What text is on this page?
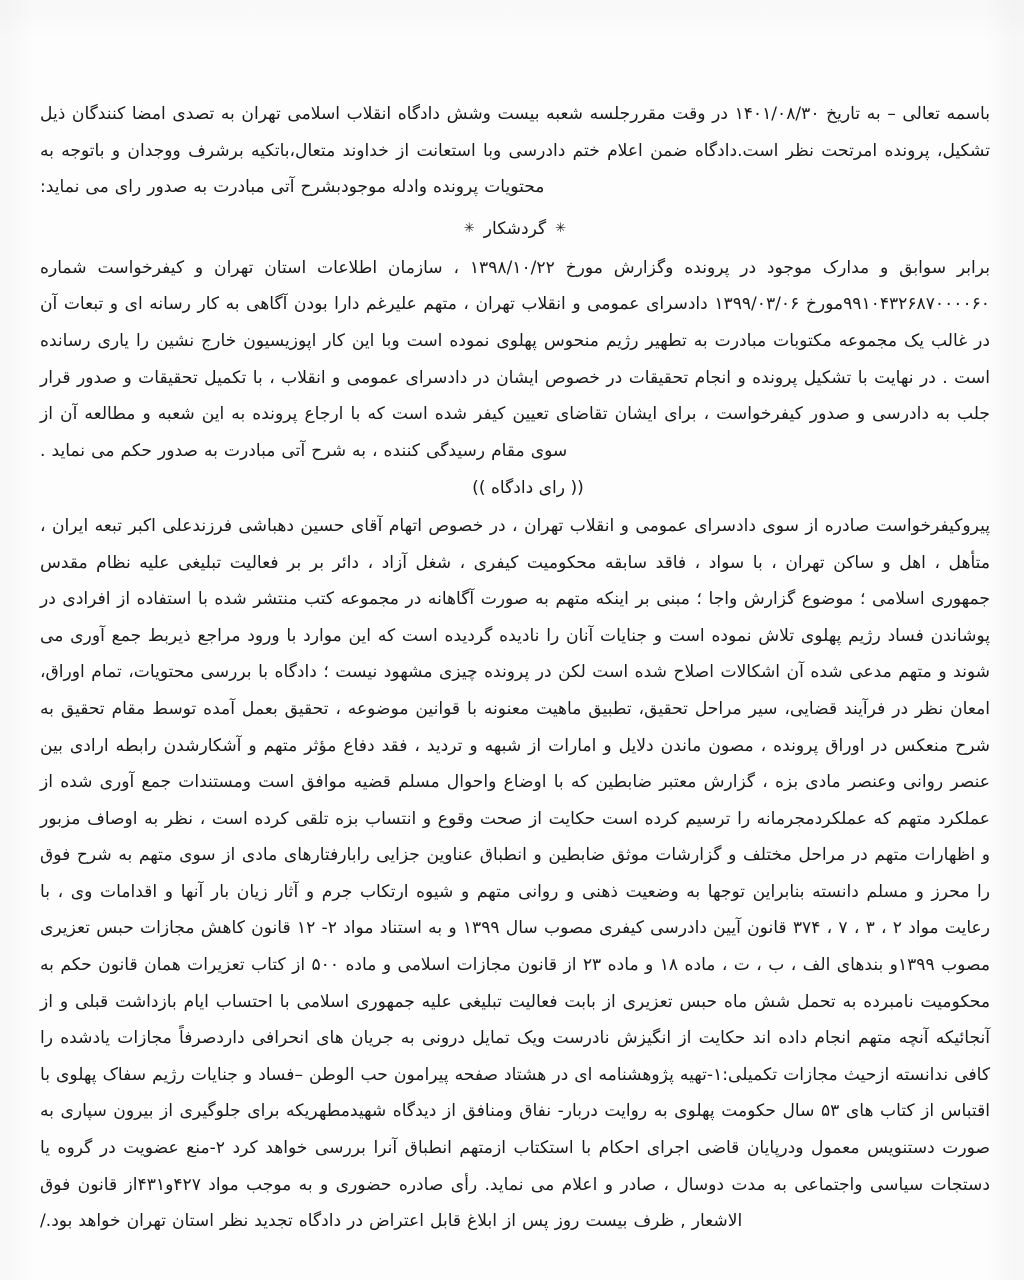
باسمه تعالی – به تاریخ ۱۴۰۱/۰۸/۳۰ در وقت مقررجلسه شعبه بیست وشش دادگاه انقلاب اسلامی تهران به تصدی امضا کنندگان ذیل تشکیل، پرونده امرتحت نظر است.دادگاه ضمن اعلام ختم دادرسی وبا استعانت از خداوند متعال،باتکیه برشرف ووجدان و باتوجه به محتویات پرونده وادله موجودبشرح آتی مبادرت به صدور رای می نماید:

✳گردشکار✳

برابر سوابق و مدارک موجود در پرونده وگزارش مورخ ۱۳۹۸/۱۰/۲۲ ، سازمان اطلاعات استان تهران و کیفرخواست شماره ۹۹۱۰۴۳۲۶۸۷۰۰۰۰۶۰مورخ ۱۳۹۹/۰۳/۰۶ دادسرای عمومی و انقلاب تهران ، متهم علیرغم دارا بودن آگاهی به کار رسانه ای و تبعات آن در غالب یک مجموعه مکتوبات مبادرت به تطهیر رژیم منحوس پهلوی نموده است وبا این کار اپوزیسیون خارج نشین را یاری رسانده است . در نهایت با تشکیل پرونده و انجام تحقیقات در خصوص ایشان در دادسرای عمومی و انقلاب ، با تکمیل تحقیقات و صدور قرار جلب به دادرسی و صدور کیفرخواست ، برای ایشان تقاضای تعیین کیفر شده است که با ارجاع پرونده به این شعبه و مطالعه آن از سوی مقام رسیدگی کننده ، به شرح آتی مبادرت به صدور حکم می نماید .

(( رای دادگاه ))

پیروکیفرخواست صادره از سوی دادسرای عمومی و انقلاب تهران ، در خصوص اتهام آقای حسین دهباشی فرزندعلی اکبر تبعه ایران ، متأهل ، اهل و ساکن تهران ، با سواد ، فاقد سابقه محکومیت کیفری ، شغل آزاد ، دائر بر بر فعالیت تبلیغی علیه نظام مقدس جمهوری اسلامی ؛ موضوع گزارش واجا ؛ مبنی بر اینکه متهم به صورت آگاهانه در مجموعه کتب منتشر شده با استفاده از افرادی در پوشاندن فساد رژیم پهلوی تلاش نموده است و جنایات آنان را نادیده گردیده است که این موارد با ورود مراجع ذیربط جمع آوری می شوند و متهم مدعی شده آن اشکالات اصلاح شده است لکن در پرونده چیزی مشهود نیست ؛ دادگاه با بررسی محتویات، تمام اوراق، امعان نظر در فرآیند قضایی، سیر مراحل تحقیق، تطبیق ماهیت معنونه با قوانین موضوعه ، تحقیق بعمل آمده توسط مقام تحقیق به شرح منعکس در اوراق پرونده ، مصون ماندن دلایل و امارات از شبهه و تردید ، فقد دفاع مؤثر متهم و آشکارشدن رابطه ارادی بین عنصر روانی وعنصر مادی بزه ، گزارش معتبر ضابطین که با اوضاع واحوال مسلم قضیه موافق است ومستندات جمع آوری شده از عملکرد متهم که عملکردمجرمانه را ترسیم کرده است حکایت از صحت وقوع و انتساب بزه تلقی کرده است ، نظر به اوصاف مزبور و اظهارات متهم در مراحل مختلف و گزارشات موثق ضابطین و انطباق عناوین جزایی رابارفتارهای مادی از سوی متهم به شرح فوق را محرز و مسلم دانسته بنابراین توجها به وضعیت ذهنی و روانی متهم و شیوه ارتکاب جرم و آثار زیان بار آنها و اقدامات وی ، با رعایت مواد ۲ ، ۳ ، ۷ ، ۳۷۴ قانون آیین دادرسی کیفری مصوب سال ۱۳۹۹ و به استناد مواد ۲- ۱۲ قانون کاهش مجازات حبس تعزیری مصوب ۱۳۹۹و بندهای الف ، ب ، ت ، ماده ۱۸ و ماده ۲۳ از قانون مجازات اسلامی و ماده ۵۰۰ از کتاب تعزیرات همان قانون حکم به محکومیت نامبرده به تحمل شش ماه حبس تعزیری از بابت فعالیت تبلیغی علیه جمهوری اسلامی با احتساب ایام بازداشت قبلی و از آنجائیکه آنچه متهم انجام داده اند حکایت از انگیزش نادرست ویک تمایل درونی به جریان های انحرافی داردصرفاً مجازات یادشده را کافی ندانسته ازحیث مجازات تکمیلی:۱-تهیه پژوهشنامه ای در هشتاد صفحه پیرامون حب الوطن –فساد و جنایات رژیم سفاک پهلوی با اقتباس از کتاب های ۵۳ سال حکومت پهلوی به روایت دربار- نفاق ومنافق از دیدگاه شهیدمطهریکه برای جلوگیری از بیرون سپاری به صورت دستنویس معمول ودرپایان قاضی اجرای احکام با استکتاب ازمتهم انطباق آنرا بررسی خواهد کرد ۲-منع عضویت در گروه یا دستجات سیاسی واجتماعی به مدت دوسال ، صادر و اعلام می نماید. رأی صادره حضوری و به موجب مواد ۴۲۷و۴۳۱از قانون فوق الاشعار , ظرف بیست روز پس از ابلاغ قابل اعتراض در دادگاه تجدید نظر استان تهران خواهد بود./
